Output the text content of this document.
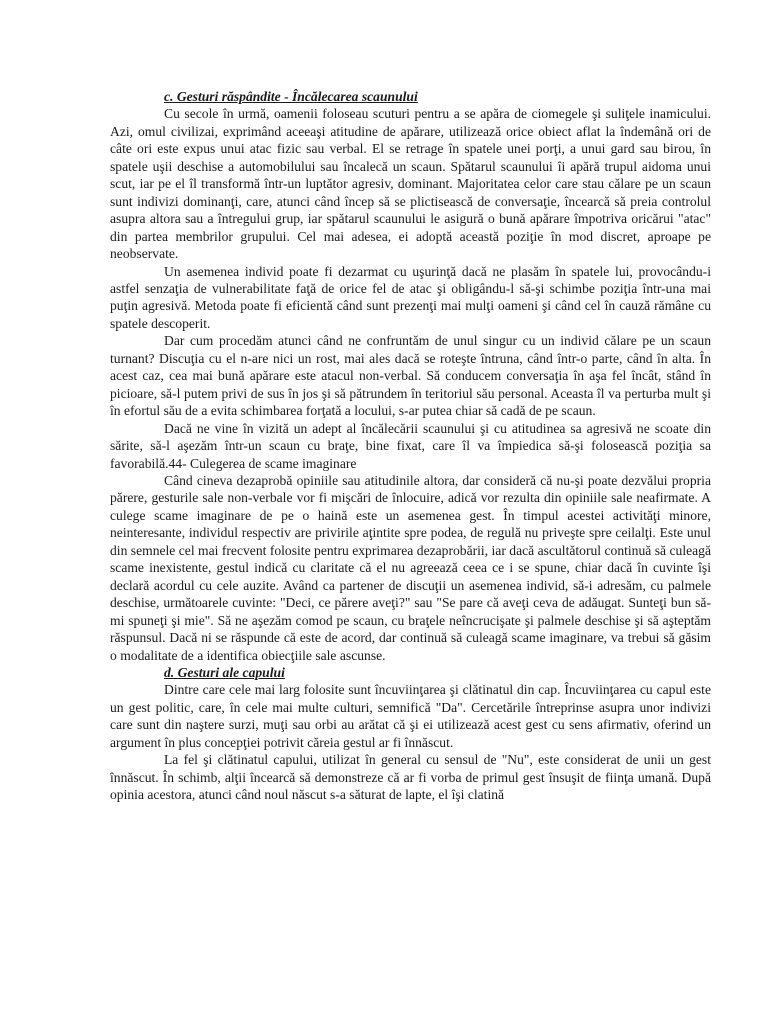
c. Gesturi răspândite - Încălecarea scaunului

Cu secole în urmă, oamenii foloseau scuturi pentru a se apăra de ciomegele şi suliţele inamicului. Azi, omul civilizai, exprimând aceeaşi atitudine de apărare, utilizează orice obiect aflat la îndemână ori de câte ori este expus unui atac fizic sau verbal. El se retrage în spatele unei porţi, a unui gard sau birou, în spatele uşii deschise a automobilului sau încalecă un scaun. Spătarul scaunului îi apără trupul aidoma unui scut, iar pe el îl transformă într-un luptător agresiv, dominant. Majoritatea celor care stau călare pe un scaun sunt indivizi dominanţi, care, atunci când încep să se plictisească de conversaţie, încearcă să preia controlul asupra altora sau a întregului grup, iar spătarul scaunului le asigură o bună apărare împotriva oricărui "atac" din partea membrilor grupului. Cel mai adesea, ei adoptă această poziţie în mod discret, aproape pe neobservate.

Un asemenea individ poate fi dezarmat cu uşurinţă dacă ne plasăm în spatele lui, provocându-i astfel senzaţia de vulnerabilitate faţă de orice fel de atac şi obligându-l să-şi schimbe poziţia într-una mai puţin agresivă. Metoda poate fi eficientă când sunt prezenţi mai mulţi oameni şi când cel în cauză rămâne cu spatele descoperit.

Dar cum procedăm atunci când ne confruntăm de unul singur cu un individ călare pe un scaun turnant? Discuţia cu el n-are nici un rost, mai ales dacă se roteşte întruna, când într-o parte, când în alta. În acest caz, cea mai bună apărare este atacul non-verbal. Să conducem conversaţia în aşa fel încât, stând în picioare, să-l putem privi de sus în jos şi să pătrundem în teritoriul său personal. Aceasta îl va perturba mult şi în efortul său de a evita schimbarea forţată a locului, s-ar putea chiar să cadă de pe scaun.

Dacă ne vine în vizită un adept al încălecării scaunului şi cu atitudinea sa agresivă ne scoate din sărite, să-l aşezăm într-un scaun cu braţe, bine fixat, care îl va împiedica să-şi folosească poziţia sa favorabilă.44- Culegerea de scame imaginare

Când cineva dezaprobă opiniile sau atitudinile altora, dar consideră că nu-şi poate dezvălui propria părere, gesturile sale non-verbale vor fi mişcări de înlocuire, adică vor rezulta din opiniile sale neafirmate. A culege scame imaginare de pe o haină este un asemenea gest. În timpul acestei activităţi minore, neinteresante, individul respectiv are privirile aţintite spre podea, de regulă nu priveşte spre ceilalţi. Este unul din semnele cel mai frecvent folosite pentru exprimarea dezaprobării, iar dacă ascultătorul continuă să culeagă scame inexistente, gestul indică cu claritate că el nu agreează ceea ce i se spune, chiar dacă în cuvinte îşi declară acordul cu cele auzite. Având ca partener de discuţii un asemenea individ, să-i adresăm, cu palmele deschise, următoarele cuvinte: "Deci, ce părere aveţi?" sau "Se pare că aveţi ceva de adăugat. Sunteţi bun să-mi spuneţi şi mie". Să ne aşezăm comod pe scaun, cu braţele neîncrucişate şi palmele deschise şi să aşteptăm răspunsul. Dacă ni se răspunde că este de acord, dar continuă să culeagă scame imaginare, va trebui să găsim o modalitate de a identifica obiecţiile sale ascunse.

d. Gesturi ale capului

Dintre care cele mai larg folosite sunt încuviinţarea şi clătinatul din cap. Încuviinţarea cu capul este un gest politic, care, în cele mai multe culturi, semnifică "Da". Cercetările întreprinse asupra unor indivizi care sunt din naştere surzi, muţi sau orbi au arătat că şi ei utilizează acest gest cu sens afirmativ, oferind un argument în plus concepţiei potrivit căreia gestul ar fi înnăscut.

La fel şi clătinatul capului, utilizat în general cu sensul de "Nu", este considerat de unii un gest înnăscut. În schimb, alţii încearcă să demonstreze că ar fi vorba de primul gest însuşit de fiinţa umană. După opinia acestora, atunci când noul născut s-a săturat de lapte, el îşi clatină
